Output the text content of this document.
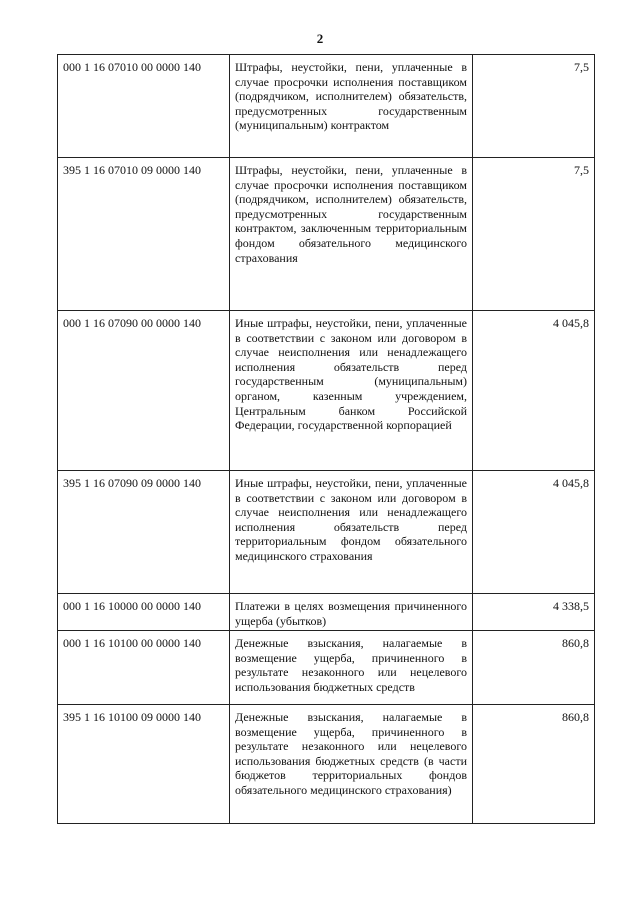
2
000 1 16 07010 00 0000 140	Штрафы, неустойки, пени, уплаченные в случае просрочки исполнения поставщиком (подрядчиком, исполнителем) обязательств, предусмотренных государственным (муниципальным) контрактом	7,5
395 1 16 07010 09 0000 140	Штрафы, неустойки, пени, уплаченные в случае просрочки исполнения поставщиком (подрядчиком, исполнителем) обязательств, предусмотренных государственным контрактом, заключенным территориальным фондом обязательного медицинского страхования	7,5
000 1 16 07090 00 0000 140	Иные штрафы, неустойки, пени, уплаченные в соответствии с законом или договором в случае неисполнения или ненадлежащего исполнения обязательств перед государственным (муниципальным) органом, казенным учреждением, Центральным банком Российской Федерации, государственной корпорацией	4 045,8
395 1 16 07090 09 0000 140	Иные штрафы, неустойки, пени, уплаченные в соответствии с законом или договором в случае неисполнения или ненадлежащего исполнения обязательств перед территориальным фондом обязательного медицинского страхования	4 045,8
000 1 16 10000 00 0000 140	Платежи в целях возмещения причиненного ущерба (убытков)	4 338,5
000 1 16 10100 00 0000 140	Денежные взыскания, налагаемые в возмещение ущерба, причиненного в результате незаконного или нецелевого использования бюджетных средств	860,8
395 1 16 10100 09 0000 140	Денежные взыскания, налагаемые в возмещение ущерба, причиненного в результате незаконного или нецелевого использования бюджетных средств (в части бюджетов территориальных фондов обязательного медицинского страхования)	860,8
